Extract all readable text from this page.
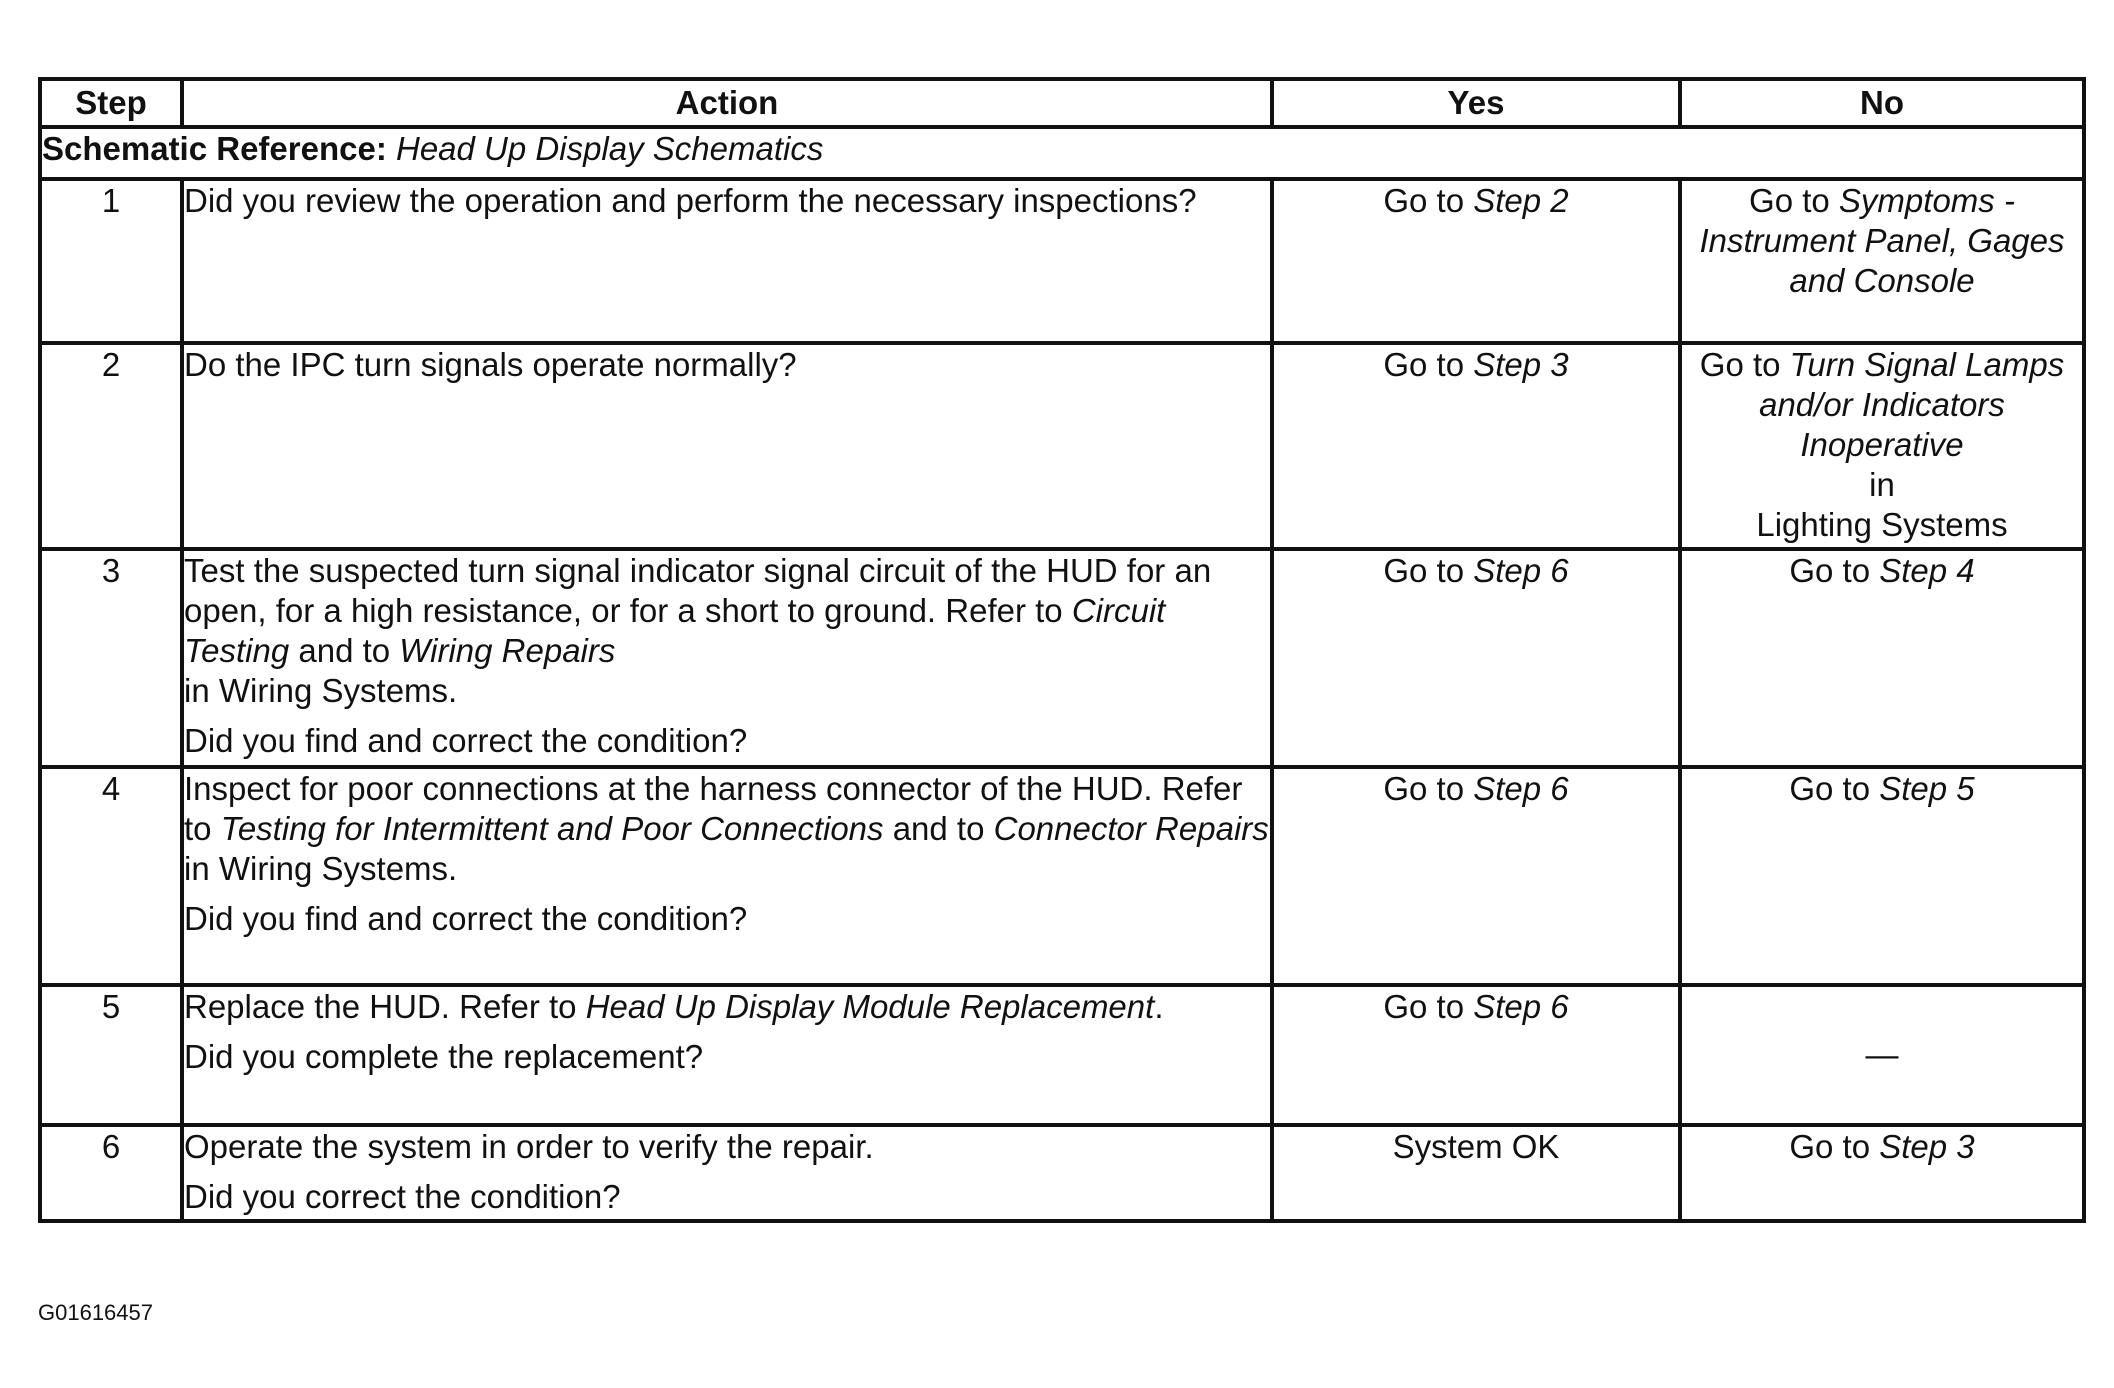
Step	Action	Yes	No
Schematic Reference: Head Up Display Schematics			
1	Did you review the operation and perform the necessary inspections?	Go to Step 2	Go to Symptoms - Instrument Panel, Gages and Console
2	Do the IPC turn signals operate normally?	Go to Step 3	Go to Turn Signal Lamps and/or Indicators Inoperative
in
Lighting Systems

3	Test the suspected turn signal indicator signal circuit of the HUD for an open, for a high resistance, or for a short to ground. Refer to Circuit Testing and to Wiring Repairs
in Wiring Systems.
Did you find and correct the condition?	Go to Step 6	Go to Step 4
4	Inspect for poor connections at the harness connector of the HUD. Refer to Testing for Intermittent and Poor Connections and to Connector Repairs in Wiring Systems.
Did you find and correct the condition?	Go to Step 6	Go to Step 5
5	Replace the HUD. Refer to Head Up Display Module Replacement.
Did you complete the replacement?	Go to Step 6	—
6	Operate the system in order to verify the repair.
Did you correct the condition?	System OK	Go to Step 3
G01616457
